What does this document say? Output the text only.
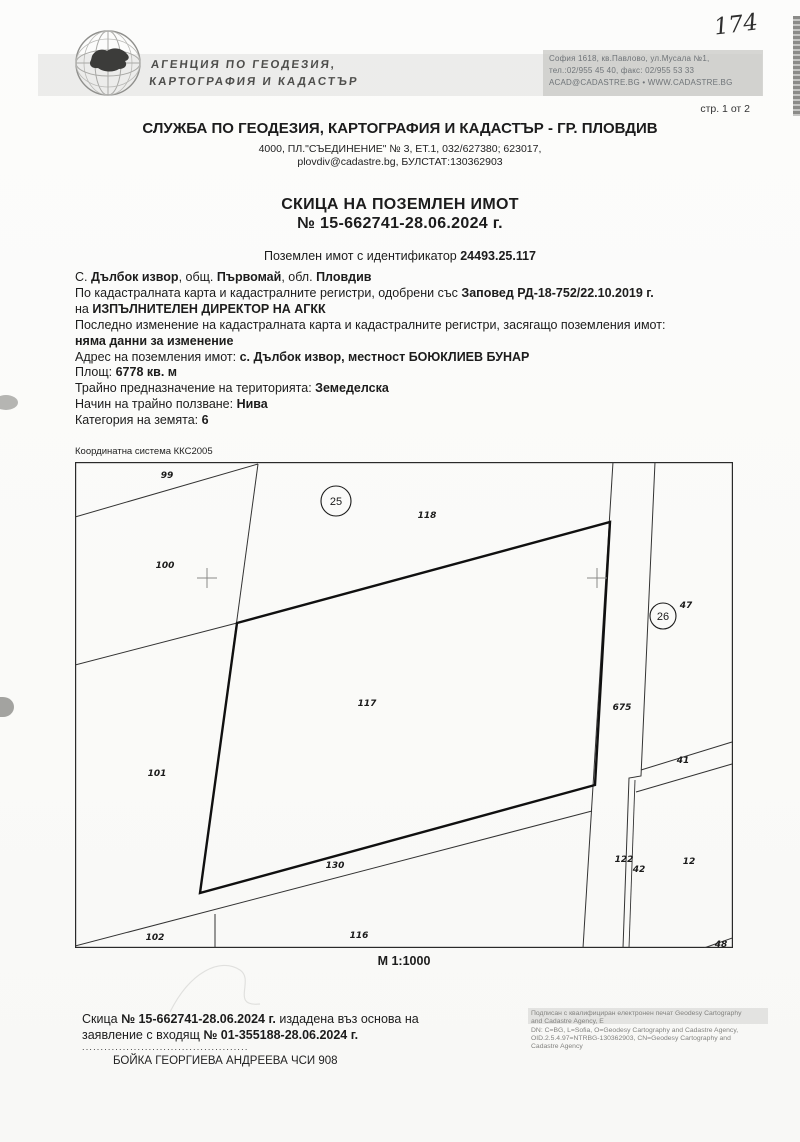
АГЕНЦИЯ ПО ГЕОДЕЗИЯ,
КАРТОГРАФИЯ И КАДАСТЪР
София 1618, кв.Павлово, ул.Мусала №1,
тел.:02/955 45 40, факс: 02/955 53 33
ACAD@CADASTRE.BG • WWW.CADASTRE.BG
174
стр. 1 от 2
СЛУЖБА ПО ГЕОДЕЗИЯ, КАРТОГРАФИЯ И КАДАСТЪР - ГР. ПЛОВДИВ
4000, ПЛ."СЪЕДИНЕНИЕ" № 3, ЕТ.1, 032/627380; 623017,
plovdiv@cadastre.bg, БУЛСТАТ:130362903
СКИЦА НА ПОЗЕМЛЕН ИМОТ
№ 15-662741-28.06.2024 г.
Поземлен имот с идентификатор 24493.25.117
С. Дълбок извор, общ. Първомай, обл. Пловдив
По кадастралната карта и кадастралните регистри, одобрени със Заповед РД-18-752/22.10.2019 г.
на ИЗПЪЛНИТЕЛЕН ДИРЕКТОР НА АГКК
Последно изменение на кадастралната карта и кадастралните регистри, засягащо поземления имот:
няма данни за изменение
Адрес на поземления имот: с. Дълбок извор, местност БОЮКЛИЕВ БУНАР
Площ: 6778 кв. м
Трайно предназначение на територията: Земеделска
Начин на трайно ползване: Нива
Категория на земята: 6
Координатна система ККС2005
99
100
101
102	116
117
118
130
675
41
12
122
42
47
48
25
26
М 1:1000
Скица № 15-662741-28.06.2024 г. издадена въз основа на
заявление с входящ № 01-355188-28.06.2024 г.
.............................................
БОЙКА ГЕОРГИЕВА АНДРЕЕВА ЧСИ 908
Подписан с квалифициран електронен печат Geodesy Cartography
and Cadastre Agency, E
DN: C=BG, L=Sofia, O=Geodesy Cartography and Cadastre Agency,
OID.2.5.4.97=NTRBG-130362903, CN=Geodesy Cartography and
Cadastre Agency
